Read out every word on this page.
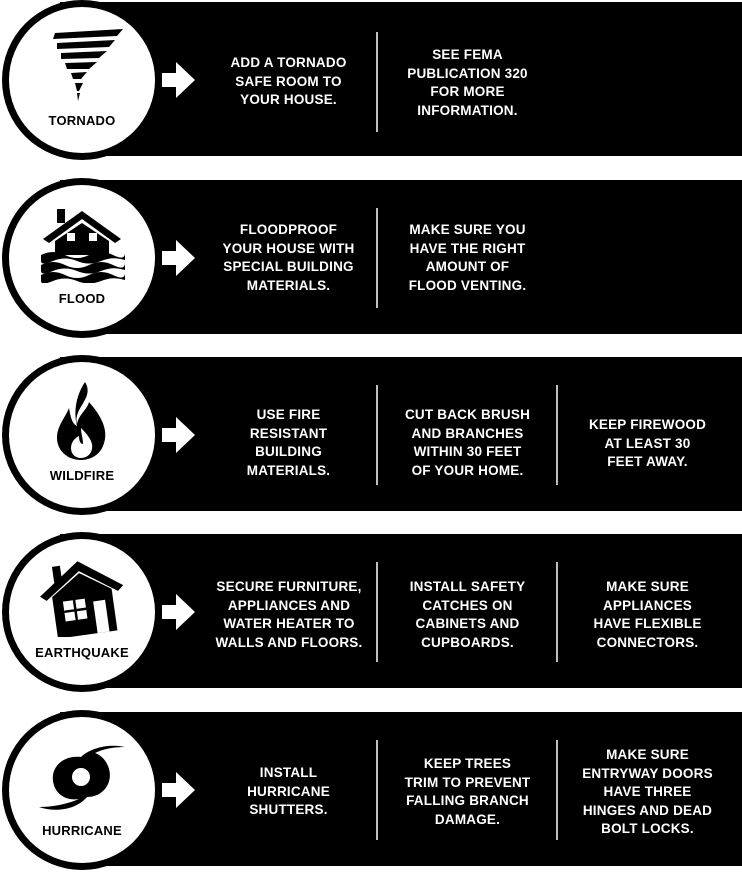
TORNADO
ADD A TORNADO
SAFE ROOM TO
YOUR HOUSE.
SEE FEMA
PUBLICATION 320
FOR MORE
INFORMATION.
FLOOD
FLOODPROOF
YOUR HOUSE WITH
SPECIAL BUILDING
MATERIALS.
MAKE SURE YOU
HAVE THE RIGHT
AMOUNT OF
FLOOD VENTING.
WILDFIRE
USE FIRE
RESISTANT
BUILDING
MATERIALS.
CUT BACK BRUSH
AND BRANCHES
WITHIN 30 FEET
OF YOUR HOME.
KEEP FIREWOOD
AT LEAST 30
FEET AWAY.
EARTHQUAKE
SECURE FURNITURE,
APPLIANCES AND
WATER HEATER TO
WALLS AND FLOORS.
INSTALL SAFETY
CATCHES ON
CABINETS AND
CUPBOARDS.
MAKE SURE
APPLIANCES
HAVE FLEXIBLE
CONNECTORS.
HURRICANE
INSTALL
HURRICANE
SHUTTERS.
KEEP TREES
TRIM TO PREVENT
FALLING BRANCH
DAMAGE.
MAKE SURE
ENTRYWAY DOORS
HAVE THREE
HINGES AND DEAD
BOLT LOCKS.
